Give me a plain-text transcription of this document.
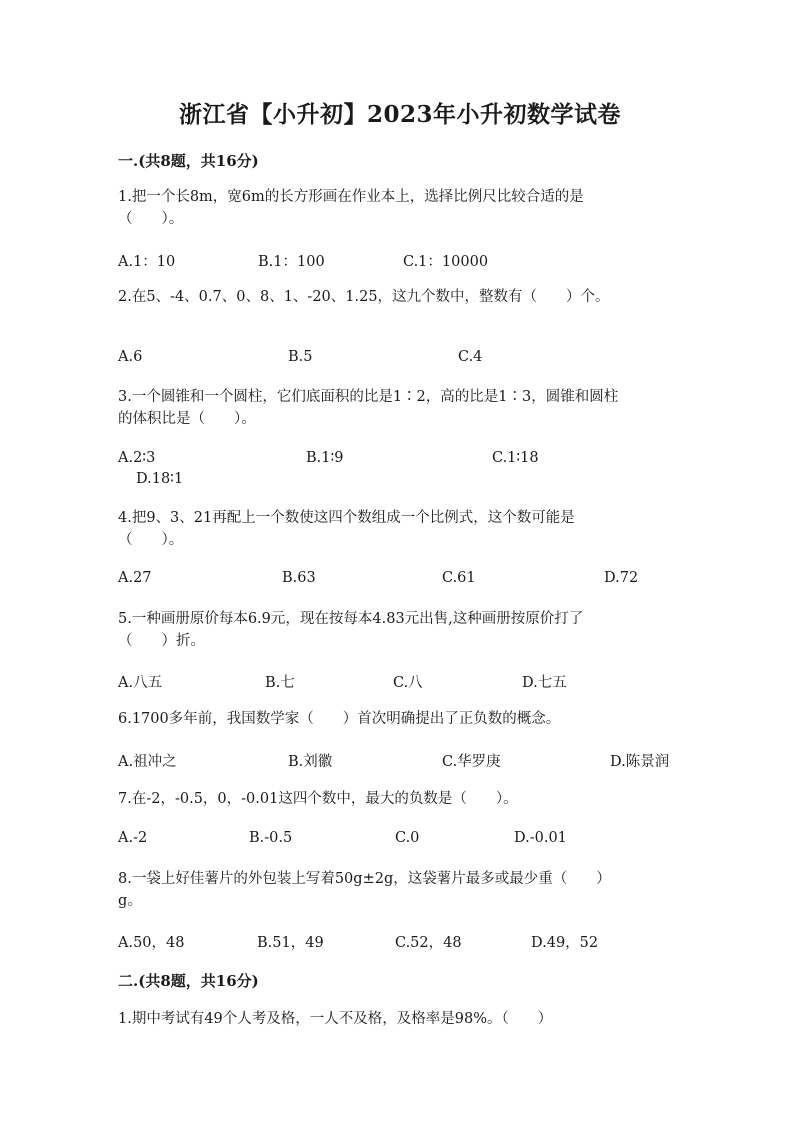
浙江省【小升初】2023年小升初数学试卷
一.(共8题，共16分)
1.把一个长8m，宽6m的长方形画在作业本上，选择比例尺比较合适的是
（　　）。
A.1：10	B.1：100	C.1：10000
2.在5、-4、0.7、0、8、1、-20、1.25，这九个数中，整数有（　　）个。
A.6	B.5	C.4
3.一个圆锥和一个圆柱，它们底面积的比是1∶2，高的比是1∶3，圆锥和圆柱
的体积比是（　　）。
A.2∶3	B.1∶9	C.1∶18
D.18∶1
4.把9、3、21再配上一个数使这四个数组成一个比例式，这个数可能是
（　　）。
A.27	B.63	C.61	D.72
5.一种画册原价每本6.9元，现在按每本4.83元出售,这种画册按原价打了
（　　）折。
A.八五	B.七	C.八	D.七五
6.1700多年前，我国数学家（　　）首次明确提出了正负数的概念。
A.祖冲之	B.刘徽	C.华罗庚	D.陈景润
7.在-2，-0.5，0，-0.01这四个数中，最大的负数是（　　）。
A.-2	B.-0.5	C.0	D.-0.01
8.一袋上好佳薯片的外包装上写着50g±2g，这袋薯片最多或最少重（　　）
g。
A.50，48	B.51，49	C.52，48	D.49，52
二.(共8题，共16分)
1.期中考试有49个人考及格，一人不及格，及格率是98%。（　　）
